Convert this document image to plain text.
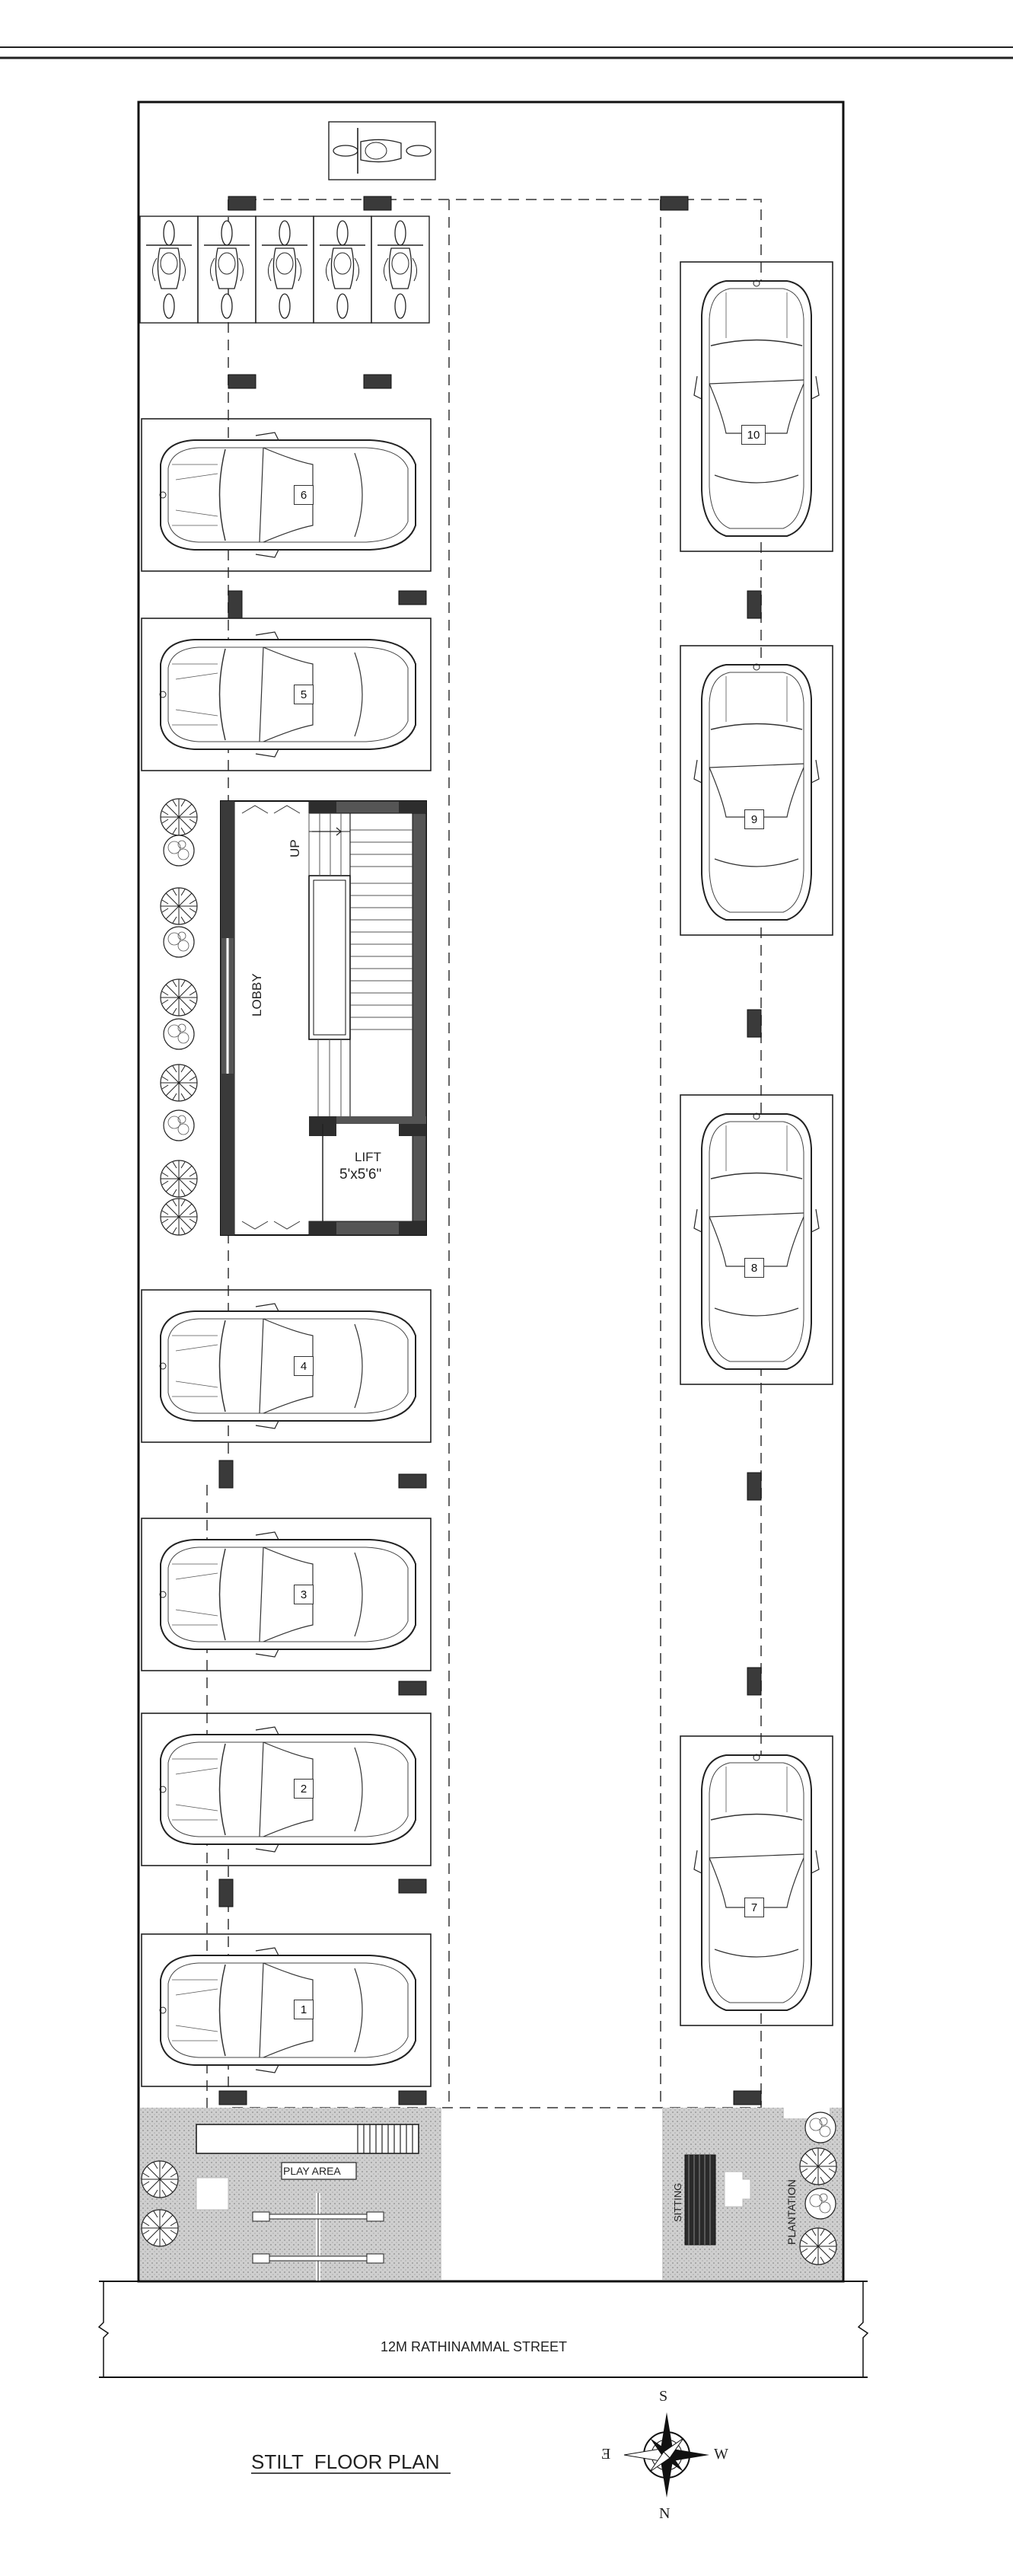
LOBBY
UP
LIFT
5'x5'6"
PLAY AREA
SITTING	PLANTATION
12M RATHINAMMAL STREET
STILT  FLOOR PLAN
S
N
W
E
1
2
3
4
5
6
7
8
9
10
